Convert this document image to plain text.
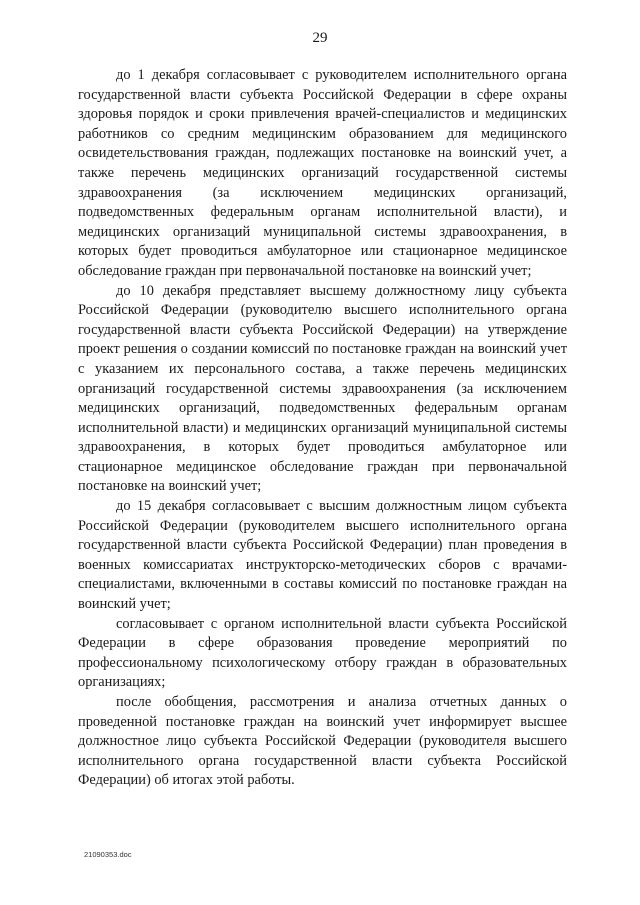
29

до 1 декабря согласовывает с руководителем исполнительного органа государственной власти субъекта Российской Федерации в сфере охраны здоровья порядок и сроки привлечения врачей-специалистов и медицинских работников со средним медицинским образованием для медицинского освидетельствования граждан, подлежащих постановке на воинский учет, а также перечень медицинских организаций государственной системы здравоохранения (за исключением медицинских организаций, подведомственных федеральным органам исполнительной власти), и медицинских организаций муниципальной системы здравоохранения, в которых будет проводиться амбулаторное или стационарное медицинское обследование граждан при первоначальной постановке на воинский учет;

до 10 декабря представляет высшему должностному лицу субъекта Российской Федерации (руководителю высшего исполнительного органа государственной власти субъекта Российской Федерации) на утверждение проект решения о создании комиссий по постановке граждан на воинский учет с указанием их персонального состава, а также перечень медицинских организаций государственной системы здравоохранения (за исключением медицинских организаций, подведомственных федеральным органам исполнительной власти) и медицинских организаций муниципальной системы здравоохранения, в которых будет проводиться амбулаторное или стационарное медицинское обследование граждан при первоначальной постановке на воинский учет;

до 15 декабря согласовывает с высшим должностным лицом субъекта Российской Федерации (руководителем высшего исполнительного органа государственной власти субъекта Российской Федерации) план проведения в военных комиссариатах инструкторско-методических сборов с врачами-специалистами, включенными в составы комиссий по постановке граждан на воинский учет;

согласовывает с органом исполнительной власти субъекта Российской Федерации в сфере образования проведение мероприятий по профессиональному психологическому отбору граждан в образовательных организациях;

после обобщения, рассмотрения и анализа отчетных данных о проведенной постановке граждан на воинский учет информирует высшее должностное лицо субъекта Российской Федерации (руководителя высшего исполнительного органа государственной власти субъекта Российской Федерации) об итогах этой работы.

21090353.doc
